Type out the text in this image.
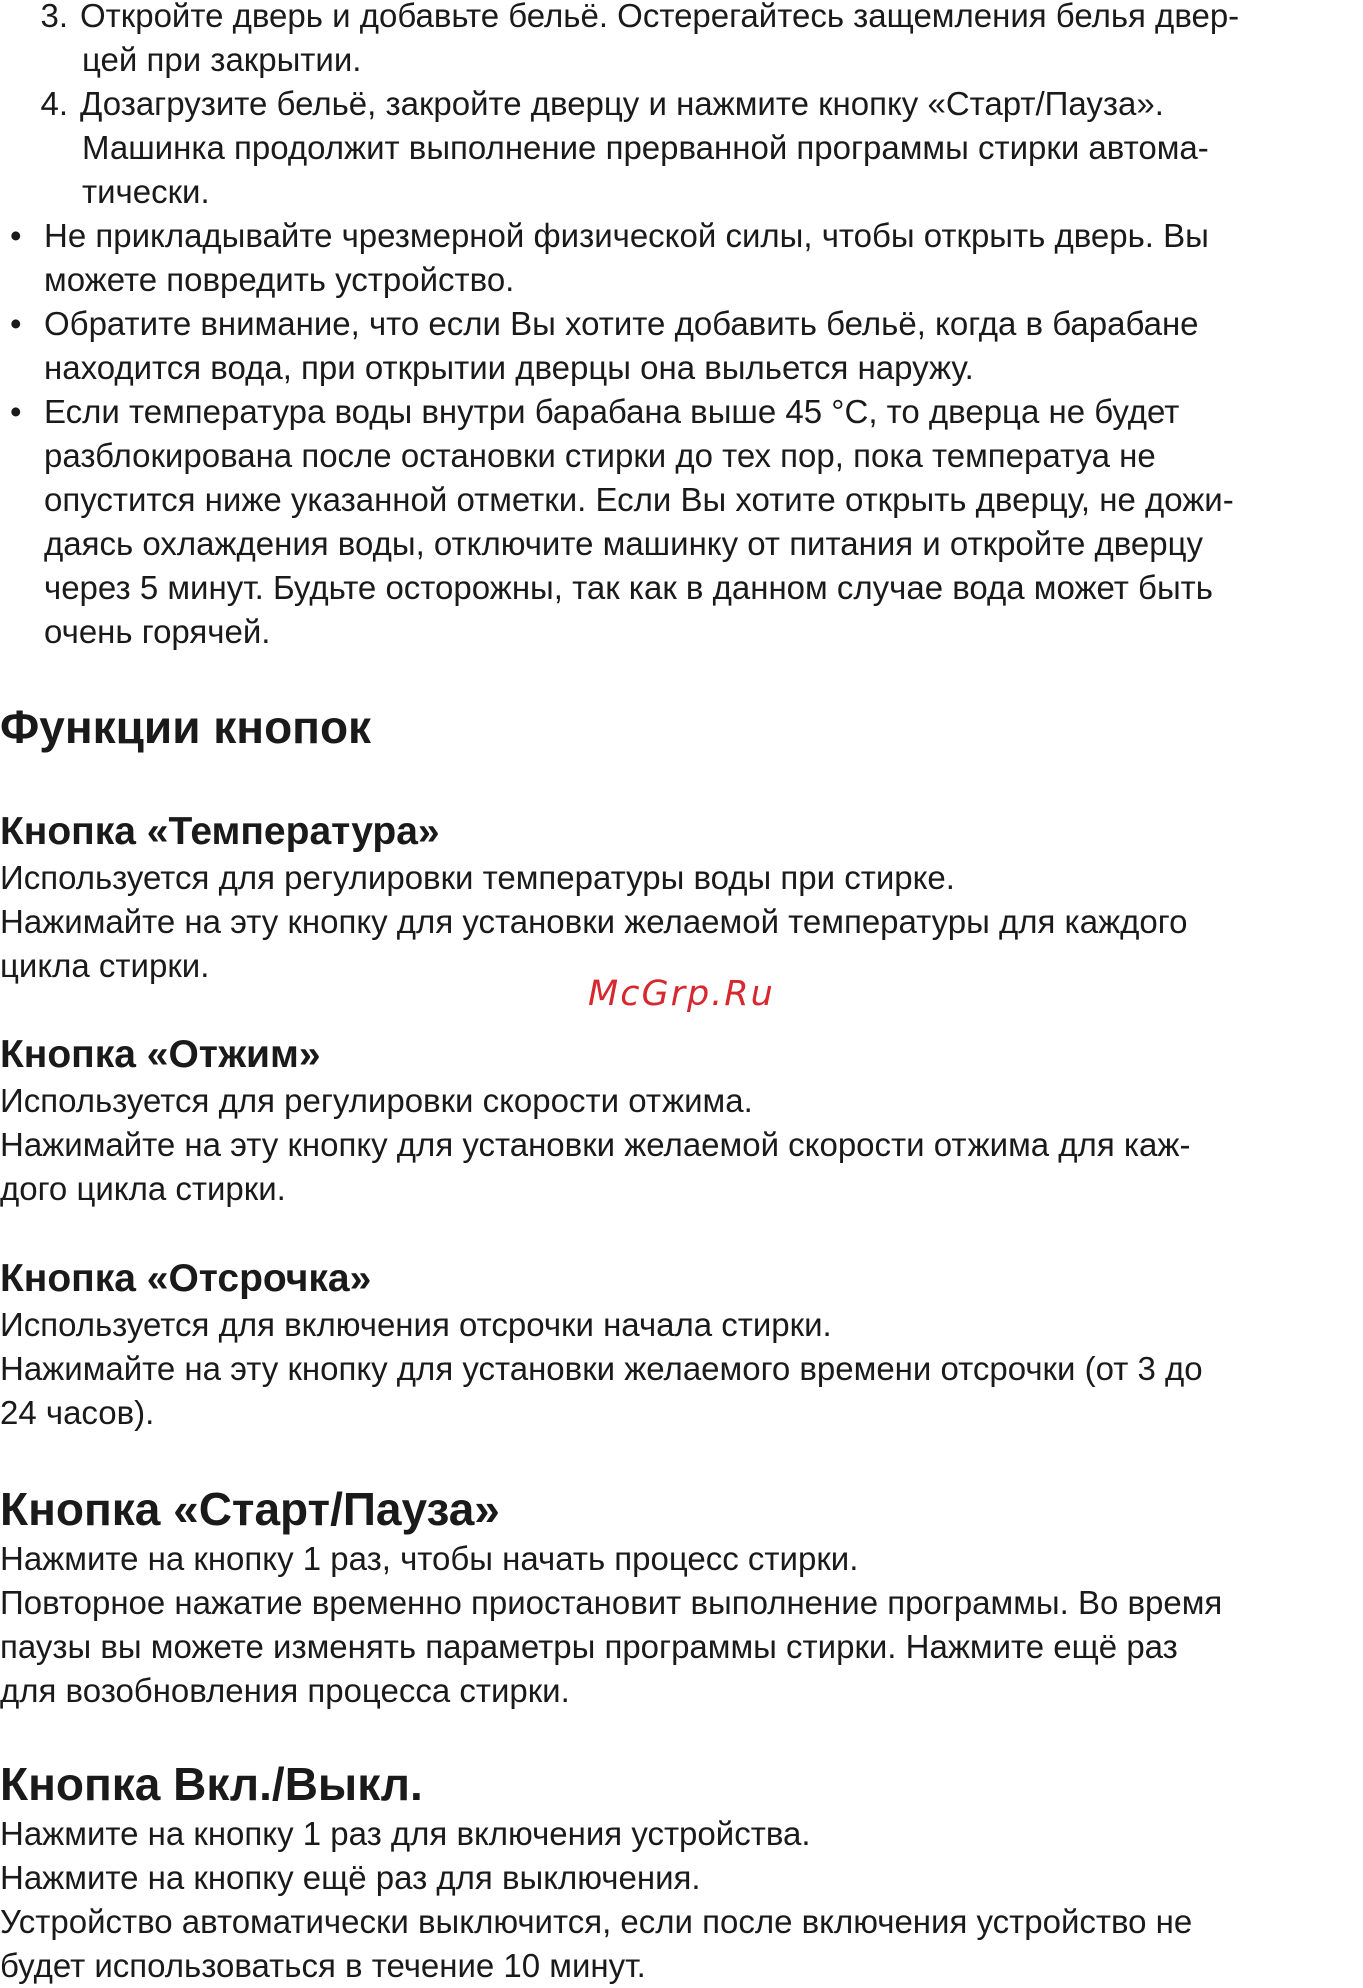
3. Откройте дверь и добавьте бельё. Остерегайтесь защемления белья двер-
цей при закрытии.
4. Дозагрузите бельё, закройте дверцу и нажмите кнопку «Старт/Пауза».
Машинка продолжит выполнение прерванной программы стирки автома-
тически.
• Не прикладывайте чрезмерной физической силы, чтобы открыть дверь. Вы
можете повредить устройство.
• Обратите внимание, что если Вы хотите добавить бельё, когда в барабане
находится вода, при открытии дверцы она выльется наружу.
• Если температура воды внутри барабана выше 45 °C, то дверца не будет
разблокирована после остановки стирки до тех пор, пока температуа не
опустится ниже указанной отметки. Если Вы хотите открыть дверцу, не дожи-
даясь охлаждения воды, отключите машинку от питания и откройте дверцу
через 5 минут. Будьте осторожны, так как в данном случае вода может быть
очень горячей.
Функции кнопок
Кнопка «Температура»

Используется для регулировки температуры воды при стирке.

Нажимайте на эту кнопку для установки желаемой температуры для каждого

цикла стирки.

McGrp.Ru
Кнопка «Отжим»

Используется для регулировки скорости отжима.

Нажимайте на эту кнопку для установки желаемой скорости отжима для каж-

дого цикла стирки.

Кнопка «Отсрочка»

Используется для включения отсрочки начала стирки.

Нажимайте на эту кнопку для установки желаемого времени отсрочки (от 3 до

24 часов).

Кнопка «Старт/Пауза»

Нажмите на кнопку 1 раз, чтобы начать процесс стирки.

Повторное нажатие временно приостановит выполнение программы. Во время

паузы вы можете изменять параметры программы стирки. Нажмите ещё раз

для возобновления процесса стирки.

Кнопка Вкл./Выкл.

Нажмите на кнопку 1 раз для включения устройства.

Нажмите на кнопку ещё раз для выключения.

Устройство автоматически выключится, если после включения устройство не

будет использоваться в течение 10 минут.
